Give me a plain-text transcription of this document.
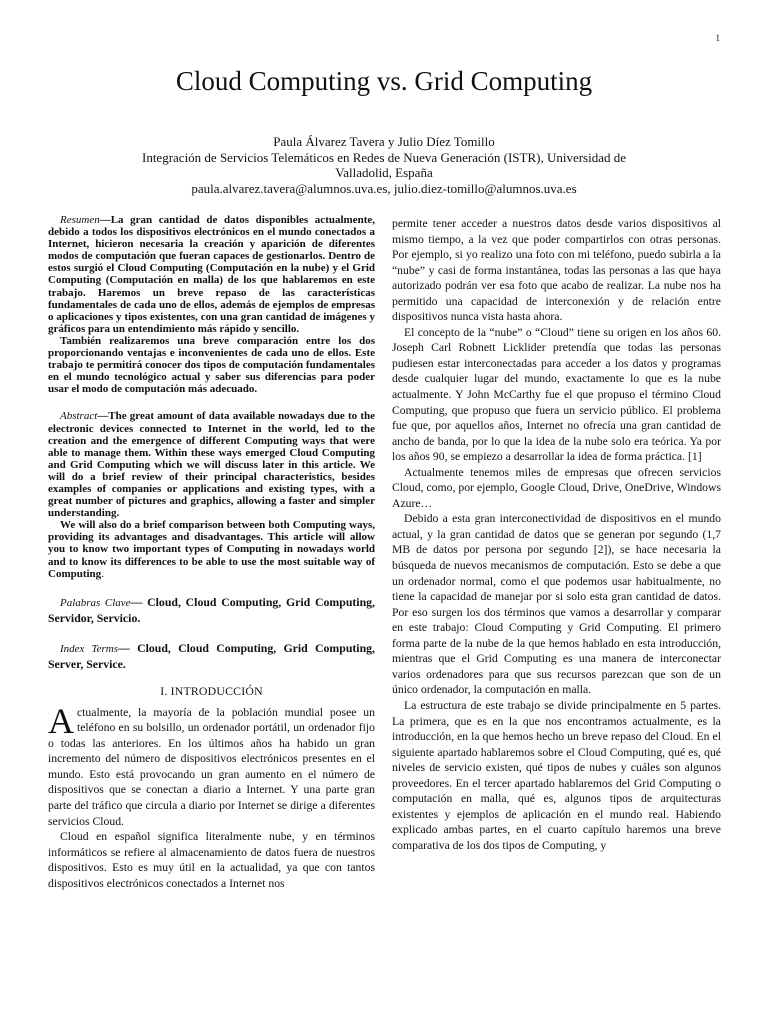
1
Cloud Computing vs. Grid Computing
Paula Álvarez Tavera y Julio Díez Tomillo
Integración de Servicios Telemáticos en Redes de Nueva Generación (ISTR), Universidad de
Valladolid, España
paula.alvarez.tavera@alumnos.uva.es, julio.diez-tomillo@alumnos.uva.es

Resumen—La gran cantidad de datos disponibles actualmente, debido a todos los dispositivos electrónicos en el mundo conectados a Internet, hicieron necesaria la creación y aparición de diferentes modos de computación que fueran capaces de gestionarlos. Dentro de estos surgió el Cloud Computing (Computación en la nube) y el Grid Computing (Computación en malla) de los que hablaremos en este trabajo. Haremos un breve repaso de las características fundamentales de cada uno de ellos, además de ejemplos de empresas o aplicaciones y tipos existentes, con una gran cantidad de imágenes y gráficos para un entendimiento más rápido y sencillo.

También realizaremos una breve comparación entre los dos proporcionando ventajas e inconvenientes de cada uno de ellos. Este trabajo te permitirá conocer dos tipos de computación fundamentales en el mundo tecnológico actual y saber sus diferencias para poder usar el modo de computación más adecuado.

Abstract—The great amount of data available nowadays due to the electronic devices connected to Internet in the world, led to the creation and the emergence of different Computing ways that were able to manage them. Within these ways emerged Cloud Computing and Grid Computing which we will discuss later in this article. We will do a brief review of their principal characteristics, besides examples of companies or applications and existing types, with a great number of pictures and graphics, allowing a faster and simpler understanding.

We will also do a brief comparison between both Computing ways, providing its advantages and disadvantages. This article will allow you to know two important types of Computing in nowadays world and to know its differences to be able to use the most suitable way of Computing.

Palabras Clave— Cloud, Cloud Computing, Grid Computing, Servidor, Servicio.

Index Terms— Cloud, Cloud Computing, Grid Computing, Server, Service.

I. INTRODUCCIÓN

Actualmente, la mayoría de la población mundial posee un teléfono en su bolsillo, un ordenador portátil, un ordenador fijo o todas las anteriores. En los últimos años ha habido un gran incremento del número de dispositivos electrónicos presentes en el mundo. Esto está provocando un gran aumento en el número de dispositivos que se conectan a diario a Internet. Y una parte gran parte del tráfico que circula a diario por Internet se dirige a diferentes servicios Cloud.

Cloud en español significa literalmente nube, y en términos informáticos se refiere al almacenamiento de datos fuera de nuestros dispositivos. Esto es muy útil en la actualidad, ya que con tantos dispositivos electrónicos conectados a Internet nos

permite tener acceder a nuestros datos desde varios dispositivos al mismo tiempo, a la vez que poder compartirlos con otras personas. Por ejemplo, si yo realizo una foto con mi teléfono, puedo subirla a la “nube” y casi de forma instantánea, todas las personas a las que haya autorizado podrán ver esa foto que acabo de realizar. La nube nos ha permitido una capacidad de interconexión y de relación entre dispositivos nunca vista hasta ahora.

El concepto de la “nube” o “Cloud” tiene su origen en los años 60. Joseph Carl Robnett Licklider pretendía que todas las personas pudiesen estar interconectadas para acceder a los datos y programas desde cualquier lugar del mundo, exactamente lo que es la nube actualmente. Y John McCarthy fue el que propuso el término Cloud Computing, que propuso que fuera un servicio público. El problema fue que, por aquellos años, Internet no ofrecía una gran cantidad de ancho de banda, por lo que la idea de la nube solo era teórica. Ya por los años 90, se empiezo a desarrollar la idea de forma práctica. [1]

Actualmente tenemos miles de empresas que ofrecen servicios Cloud, como, por ejemplo, Google Cloud, Drive, OneDrive, Windows Azure…

Debido a esta gran interconectividad de dispositivos en el mundo actual, y la gran cantidad de datos que se generan por segundo (1,7 MB de datos por persona por segundo [2]), se hace necesaria la búsqueda de nuevos mecanismos de computación. Esto se debe a que un ordenador normal, como el que podemos usar habitualmente, no tiene la capacidad de manejar por si solo esta gran cantidad de datos. Por eso surgen los dos términos que vamos a desarrollar y comparar en este trabajo: Cloud Computing y Grid Computing. El primero forma parte de la nube de la que hemos hablado en esta introducción, mientras que el Grid Computing es una manera de interconectar varios ordenadores para que sus recursos parezcan que son de un único ordenador, la computación en malla.

La estructura de este trabajo se divide principalmente en 5 partes. La primera, que es en la que nos encontramos actualmente, es la introducción, en la que hemos hecho un breve repaso del Cloud. En el siguiente apartado hablaremos sobre el Cloud Computing, qué es, qué niveles de servicio existen, qué tipos de nubes y cuáles son algunos proveedores. En el tercer apartado hablaremos del Grid Computing o computación en malla, qué es, algunos tipos de arquitecturas existentes y ejemplos de aplicación en el mundo real. Habiendo explicado ambas partes, en el cuarto capítulo haremos una breve comparativa de los dos tipos de Computing, y
